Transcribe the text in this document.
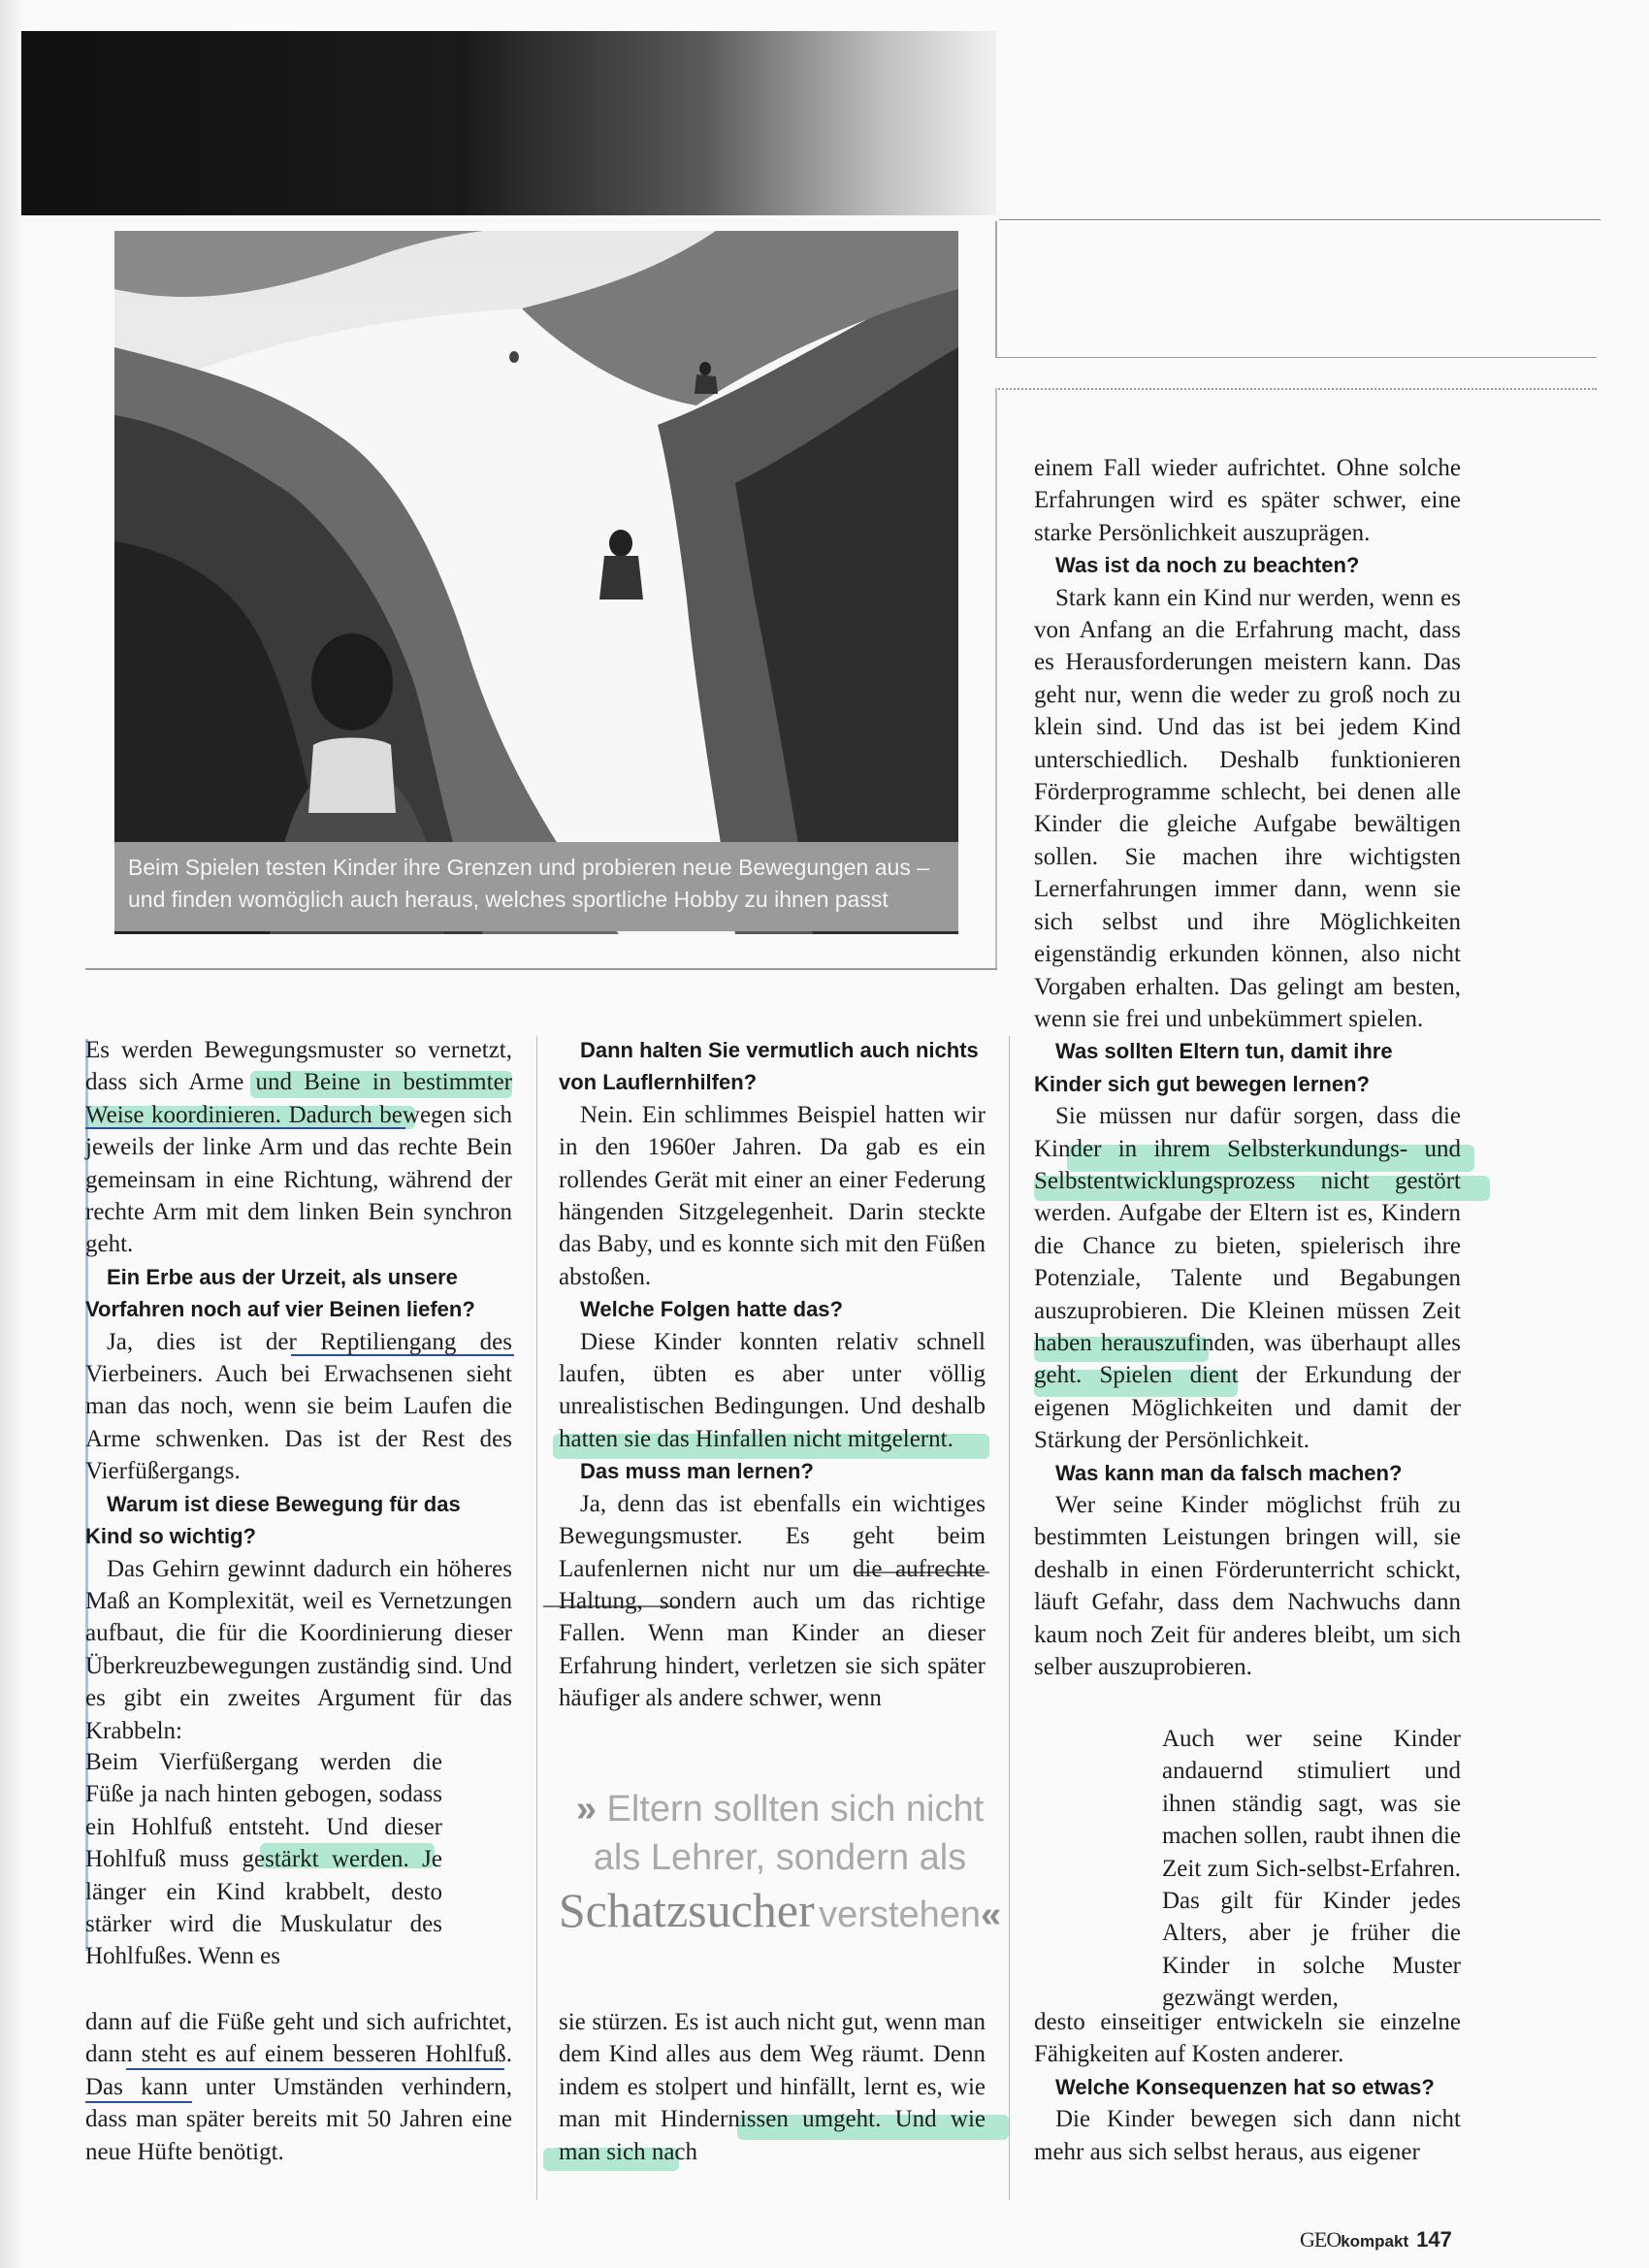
Beim Spielen testen Kinder ihre Grenzen und probieren neue Bewegungen aus –
und finden womöglich auch heraus, welches sportliche Hobby zu ihnen passt

einem Fall wieder aufrichtet. Ohne solche Erfahrungen wird es später schwer, eine starke Persönlichkeit auszuprägen.

Was ist da noch zu beachten?

Stark kann ein Kind nur werden, wenn es von Anfang an die Erfahrung macht, dass es Herausforderungen meistern kann. Das geht nur, wenn die weder zu groß noch zu klein sind. Und das ist bei jedem Kind unterschiedlich. Deshalb funktionieren Förderprogramme schlecht, bei denen alle Kinder die gleiche Aufgabe bewältigen sollen. Sie machen ihre wichtigsten Lernerfahrungen immer dann, wenn sie sich selbst und ihre Möglichkeiten eigenständig erkunden können, also nicht Vorgaben erhalten. Das gelingt am besten, wenn sie frei und unbekümmert spielen.

Was sollten Eltern tun, damit ihre Kinder sich gut bewegen lernen?

Sie müssen nur dafür sorgen, dass die Kinder in ihrem Selbsterkundungs- und Selbstentwicklungsprozess nicht gestört werden. Aufgabe der Eltern ist es, Kindern die Chance zu bieten, spielerisch ihre Potenziale, Talente und Begabungen auszuprobieren. Die Kleinen müssen Zeit haben herauszufinden, was überhaupt alles geht. Spielen dient der Erkundung der eigenen Möglichkeiten und damit der Stärkung der Persönlichkeit.

Was kann man da falsch machen?

Wer seine Kinder möglichst früh zu bestimmten Leistungen bringen will, sie deshalb in einen Förderunterricht schickt, läuft Gefahr, dass dem Nachwuchs dann kaum noch Zeit für anderes bleibt, um sich selber auszuprobieren.

Auch wer seine Kinder andauernd stimuliert und ihnen ständig sagt, was sie machen sollen, raubt ihnen die Zeit zum Sich-selbst-Erfahren. Das gilt für Kinder jedes Alters, aber je früher die Kinder in solche Muster gezwängt werden,

desto einseitiger entwickeln sie einzelne Fähigkeiten auf Kosten anderer.

Welche Konsequenzen hat so etwas?

Die Kinder bewegen sich dann nicht mehr aus sich selbst heraus, aus eigener

Es werden Bewegungsmuster so vernetzt, dass sich Arme und Beine in bestimmter Weise koordinieren. Dadurch bewegen sich jeweils der linke Arm und das rechte Bein gemeinsam in eine Richtung, während der rechte Arm mit dem linken Bein synchron geht.

Ein Erbe aus der Urzeit, als unsere Vorfahren noch auf vier Beinen liefen?

Ja, dies ist der Reptiliengang des Vierbeiners. Auch bei Erwachsenen sieht man das noch, wenn sie beim Laufen die Arme schwenken. Das ist der Rest des Vierfüßergangs.

Warum ist diese Bewegung für das Kind so wichtig?

Das Gehirn gewinnt dadurch ein höheres Maß an Komplexität, weil es Vernetzungen aufbaut, die für die Koordinierung dieser Überkreuzbewegungen zuständig sind. Und es gibt ein zweites Argument für das Krabbeln:

Beim Vierfüßergang werden die Füße ja nach hinten gebogen, sodass ein Hohlfuß entsteht. Und dieser Hohlfuß muss gestärkt werden. Je länger ein Kind krabbelt, desto stärker wird die Muskulatur des Hohlfußes. Wenn es

dann auf die Füße geht und sich aufrichtet, dann steht es auf einem besseren Hohlfuß. Das kann unter Umständen verhindern, dass man später bereits mit 50 Jahren eine neue Hüfte benötigt.

Dann halten Sie vermutlich auch nichts von Lauflernhilfen?

Nein. Ein schlimmes Beispiel hatten wir in den 1960er Jahren. Da gab es ein rollendes Gerät mit einer an einer Federung hängenden Sitzgelegenheit. Darin steckte das Baby, und es konnte sich mit den Füßen abstoßen.

Welche Folgen hatte das?

Diese Kinder konnten relativ schnell laufen, übten es aber unter völlig unrealistischen Bedingungen. Und deshalb hatten sie das Hinfallen nicht mitgelernt.

Das muss man lernen?

Ja, denn das ist ebenfalls ein wichtiges Bewegungsmuster. Es geht beim Laufenlernen nicht nur um die aufrechte Haltung, sondern auch um das richtige Fallen. Wenn man Kinder an dieser Erfahrung hindert, verletzen sie sich später häufiger als andere schwer, wenn

sie stürzen. Es ist auch nicht gut, wenn man dem Kind alles aus dem Weg räumt. Denn indem es stolpert und hinfällt, lernt es, wie man mit Hindernissen umgeht. Und wie man sich nach

» Eltern sollten sich nicht
als Lehrer, sondern als
Schatzsucher verstehen«
GEOkompakt 147
